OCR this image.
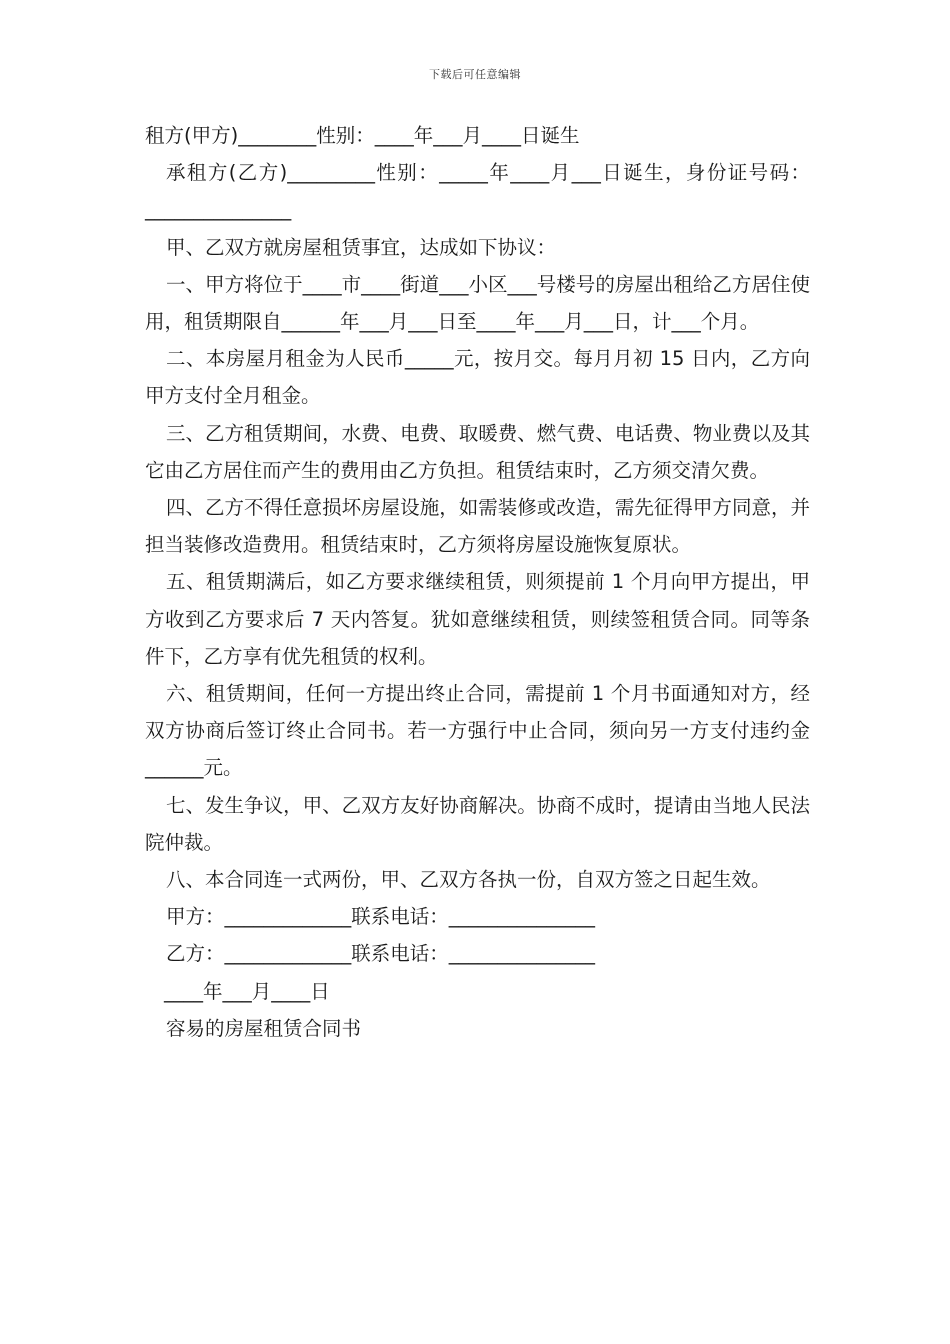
下载后可任意编辑

租方(甲方)________性别：____年___月____日诞生

承租方(乙方)_________性别：_____年____月___日诞生，身份证号码：_______________

甲、乙双方就房屋租赁事宜，达成如下协议：

一、甲方将位于____市____街道___小区___号楼号的房屋出租给乙方居住使用，租赁期限自______年___月___日至____年___月___日，计___个月。

二、本房屋月租金为人民币_____元，按月交。每月月初 15 日内，乙方向甲方支付全月租金。

三、乙方租赁期间，水费、电费、取暖费、燃气费、电话费、物业费以及其它由乙方居住而产生的费用由乙方负担。租赁结束时，乙方须交清欠费。

四、乙方不得任意损坏房屋设施，如需装修或改造，需先征得甲方同意，并担当装修改造费用。租赁结束时，乙方须将房屋设施恢复原状。

五、租赁期满后，如乙方要求继续租赁，则须提前 1 个月向甲方提出，甲方收到乙方要求后 7 天内答复。犹如意继续租赁，则续签租赁合同。同等条件下，乙方享有优先租赁的权利。

六、租赁期间，任何一方提出终止合同，需提前 1 个月书面通知对方，经双方协商后签订终止合同书。若一方强行中止合同，须向另一方支付违约金______元。

七、发生争议，甲、乙双方友好协商解决。协商不成时，提请由当地人民法院仲裁。

八、本合同连一式两份，甲、乙双方各执一份，自双方签之日起生效。

甲方：_____________联系电话：_______________

乙方：_____________联系电话：_______________

____年___月____日

容易的房屋租赁合同书
